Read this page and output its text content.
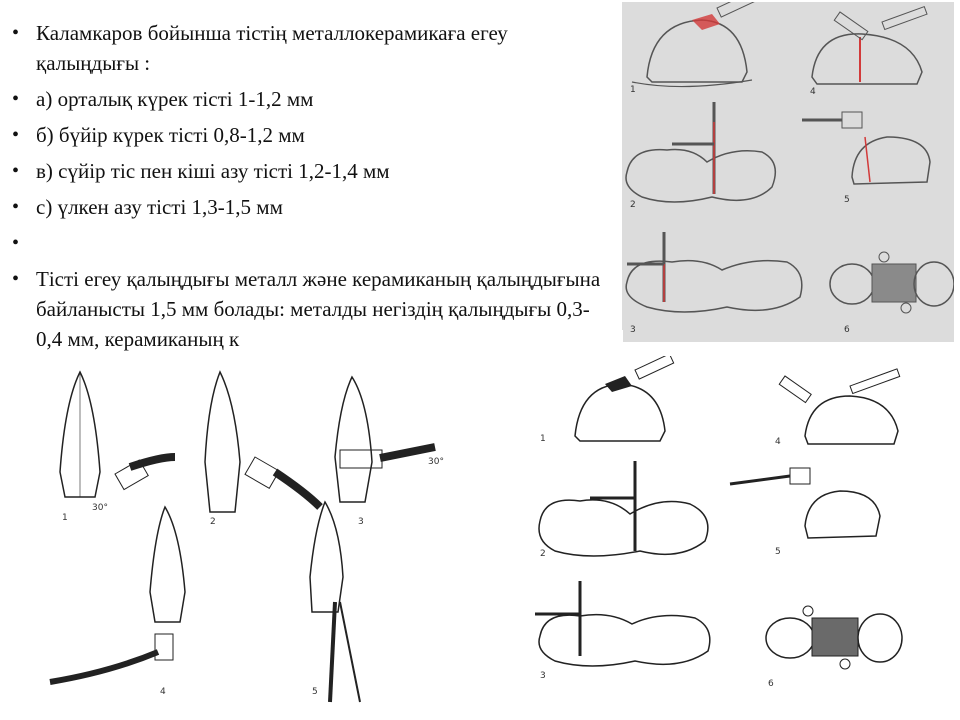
• Каламкаров бойынша тістің металлокерамикаға егеу қалыңдығы :
• а) орталық күрек тісті 1-1,2 мм
• б) бүйір күрек тісті 0,8-1,2 мм
• в) сүйір тіс пен кіші азу тісті 1,2-1,4 мм
• с) үлкен азу тісті 1,3-1,5 мм
•
• Тісті егеу қалыңдығы металл және керамиканың қалыңдығына байланысты 1,5 мм болады: металды негіздің қалыңдығы 0,3-0,4 мм, керамиканың к
1	4
2	5
3	6
1	2	3
4	5
30°
30°
1	4
2	5
3
6
